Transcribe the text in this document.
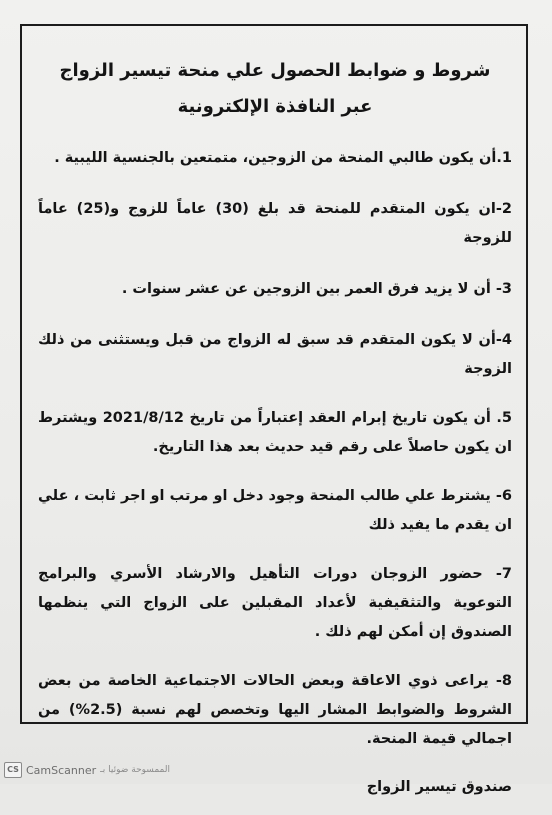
شروط و ضوابط الحصول علي منحة تيسير الزواج

عبر النافذة الإلكترونية

1.أن يكون طالبي المنحة من الزوجين، متمتعين بالجنسية الليبية .

2-ان يكون المتقدم للمنحة قد بلغ (30) عاماً للزوج و(25) عاماً للزوجة

3- أن لا يزيد فرق العمر بين الزوجين عن عشر سنوات .

4-أن لا يكون المتقدم قد سبق له الزواج من قبل ويستثنى من ذلك الزوجة

5. أن يكون تاريخ إبرام العقد إعتباراً من تاريخ 2021/8/12 ويشترط ان يكون حاصلاً على رقم قيد حديث بعد هذا التاريخ.

6- يشترط علي طالب المنحة وجود دخل او مرتب او اجر ثابت ، علي ان يقدم ما يفيد ذلك

7- حضور الزوجان دورات التأهيل والارشاد الأسري والبرامج التوعوية والتثقيفية لأعداد المقبلين على الزواج التي ينظمها الصندوق إن أمكن لهم ذلك .

8- يراعى ذوي الاعاقة وبعض الحالات الاجتماعية الخاصة من بعض الشروط والضوابط المشار اليها وتخصص لهم نسبة (2.5%) من اجمالي قيمة المنحة.

صندوق تيسير الزواج

CS CamScanner الممسوحة ضوئيا بـ
